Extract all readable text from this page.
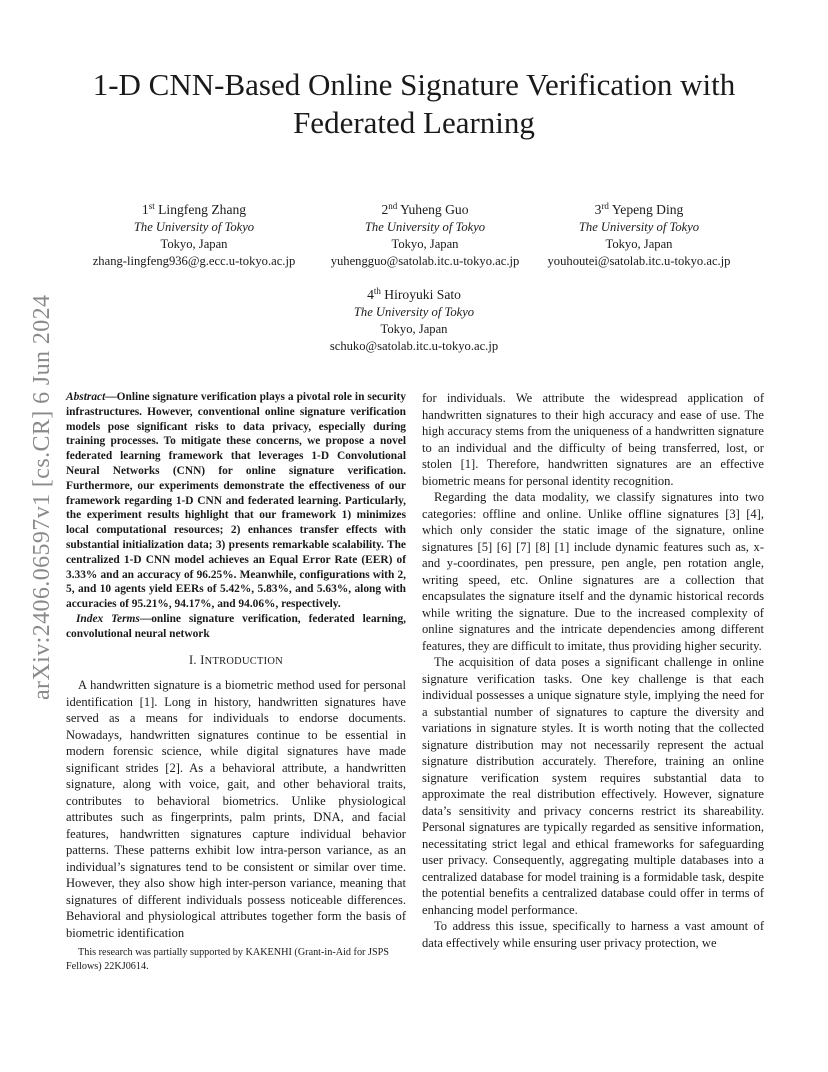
arXiv:2406.06597v1 [cs.CR] 6 Jun 2024
1-D CNN-Based Online Signature Verification with Federated Learning
1st Lingfeng Zhang
The University of Tokyo
Tokyo, Japan
zhang-lingfeng936@g.ecc.u-tokyo.ac.jp
2nd Yuheng Guo
The University of Tokyo
Tokyo, Japan
yuhengguo@satolab.itc.u-tokyo.ac.jp
3rd Yepeng Ding
The University of Tokyo
Tokyo, Japan
youhoutei@satolab.itc.u-tokyo.ac.jp
4th Hiroyuki Sato
The University of Tokyo
Tokyo, Japan
schuko@satolab.itc.u-tokyo.ac.jp

Abstract—Online signature verification plays a pivotal role in security infrastructures. However, conventional online signature verification models pose significant risks to data privacy, especially during training processes. To mitigate these concerns, we propose a novel federated learning framework that leverages 1-D Convolutional Neural Networks (CNN) for online signature verification. Furthermore, our experiments demonstrate the effectiveness of our framework regarding 1-D CNN and federated learning. Particularly, the experiment results highlight that our framework 1) minimizes local computational resources; 2) enhances transfer effects with substantial initialization data; 3) presents remarkable scalability. The centralized 1-D CNN model achieves an Equal Error Rate (EER) of 3.33% and an accuracy of 96.25%. Meanwhile, configurations with 2, 5, and 10 agents yield EERs of 5.42%, 5.83%, and 5.63%, along with accuracies of 95.21%, 94.17%, and 94.06%, respectively.

Index Terms—online signature verification, federated learning, convolutional neural network

I. INTRODUCTION

A handwritten signature is a biometric method used for personal identification [1]. Long in history, handwritten signatures have served as a means for individuals to endorse documents. Nowadays, handwritten signatures continue to be essential in modern forensic science, while digital signatures have made significant strides [2]. As a behavioral attribute, a handwritten signature, along with voice, gait, and other behavioral traits, contributes to behavioral biometrics. Unlike physiological attributes such as fingerprints, palm prints, DNA, and facial features, handwritten signatures capture individual behavior patterns. These patterns exhibit low intra-person variance, as an individual’s signatures tend to be consistent or similar over time. However, they also show high inter-person variance, meaning that signatures of different individuals possess noticeable differences. Behavioral and physiological attributes together form the basis of biometric identification

This research was partially supported by KAKENHI (Grant-in-Aid for JSPS Fellows) 22KJ0614.

for individuals. We attribute the widespread application of handwritten signatures to their high accuracy and ease of use. The high accuracy stems from the uniqueness of a handwritten signature to an individual and the difficulty of being transferred, lost, or stolen [1]. Therefore, handwritten signatures are an effective biometric means for personal identity recognition.

Regarding the data modality, we classify signatures into two categories: offline and online. Unlike offline signatures [3] [4], which only consider the static image of the signature, online signatures [5] [6] [7] [8] [1] include dynamic features such as, x- and y-coordinates, pen pressure, pen angle, pen rotation angle, writing speed, etc. Online signatures are a collection that encapsulates the signature itself and the dynamic historical records while writing the signature. Due to the increased complexity of online signatures and the intricate dependencies among different features, they are difficult to imitate, thus providing higher security.

The acquisition of data poses a significant challenge in online signature verification tasks. One key challenge is that each individual possesses a unique signature style, implying the need for a substantial number of signatures to capture the diversity and variations in signature styles. It is worth noting that the collected signature distribution may not necessarily represent the actual signature distribution accurately. Therefore, training an online signature verification system requires substantial data to approximate the real distribution effectively. However, signature data’s sensitivity and privacy concerns restrict its shareability. Personal signatures are typically regarded as sensitive information, necessitating strict legal and ethical frameworks for safeguarding user privacy. Consequently, aggregating multiple databases into a centralized database for model training is a formidable task, despite the potential benefits a centralized database could offer in terms of enhancing model performance.

To address this issue, specifically to harness a vast amount of data effectively while ensuring user privacy protection, we
